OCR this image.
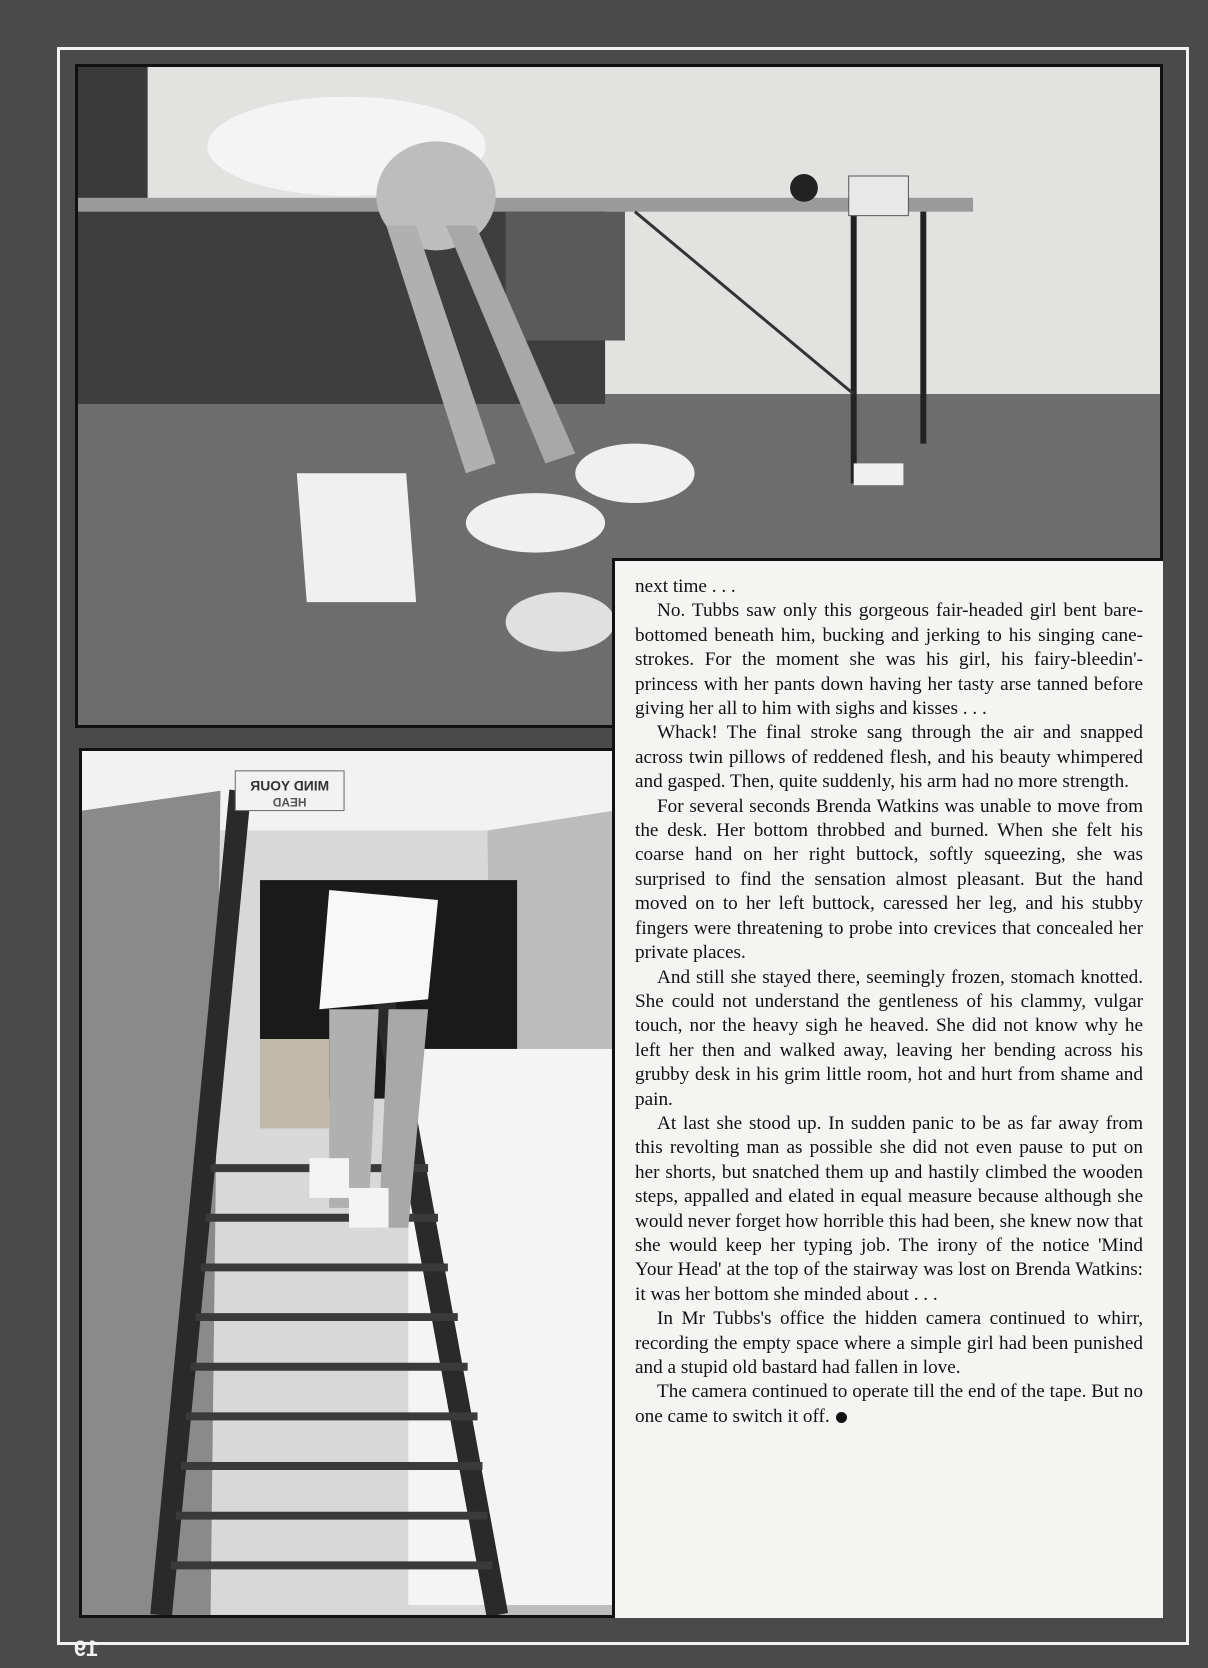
MIND YOUR
HEAD

next time . . .

No. Tubbs saw only this gorgeous fair-headed girl bent bare-bottomed beneath him, bucking and jerking to his singing cane-strokes. For the moment she was his girl, his fairy-bleedin'-princess with her pants down having her tasty arse tanned before giving her all to him with sighs and kisses . . .

Whack! The final stroke sang through the air and snapped across twin pillows of reddened flesh, and his beauty whimpered and gasped. Then, quite suddenly, his arm had no more strength.

For several seconds Brenda Watkins was unable to move from the desk. Her bottom throbbed and burned. When she felt his coarse hand on her right buttock, softly squeezing, she was surprised to find the sensation almost pleasant. But the hand moved on to her left buttock, caressed her leg, and his stubby fingers were threatening to probe into crevices that concealed her private places.

And still she stayed there, seemingly frozen, stomach knotted. She could not understand the gentleness of his clammy, vulgar touch, nor the heavy sigh he heaved. She did not know why he left her then and walked away, leaving her bending across his grubby desk in his grim little room, hot and hurt from shame and pain.

At last she stood up. In sudden panic to be as far away from this revolting man as possible she did not even pause to put on her shorts, but snatched them up and hastily climbed the wooden steps, appalled and elated in equal measure because although she would never forget how horrible this had been, she knew now that she would keep her typing job. The irony of the notice 'Mind Your Head' at the top of the stairway was lost on Brenda Watkins: it was her bottom she minded about . . .

In Mr Tubbs's office the hidden camera continued to whirr, recording the empty space where a simple girl had been punished and a stupid old bastard had fallen in love.

The camera continued to operate till the end of the tape. But no one came to switch it off.

19
